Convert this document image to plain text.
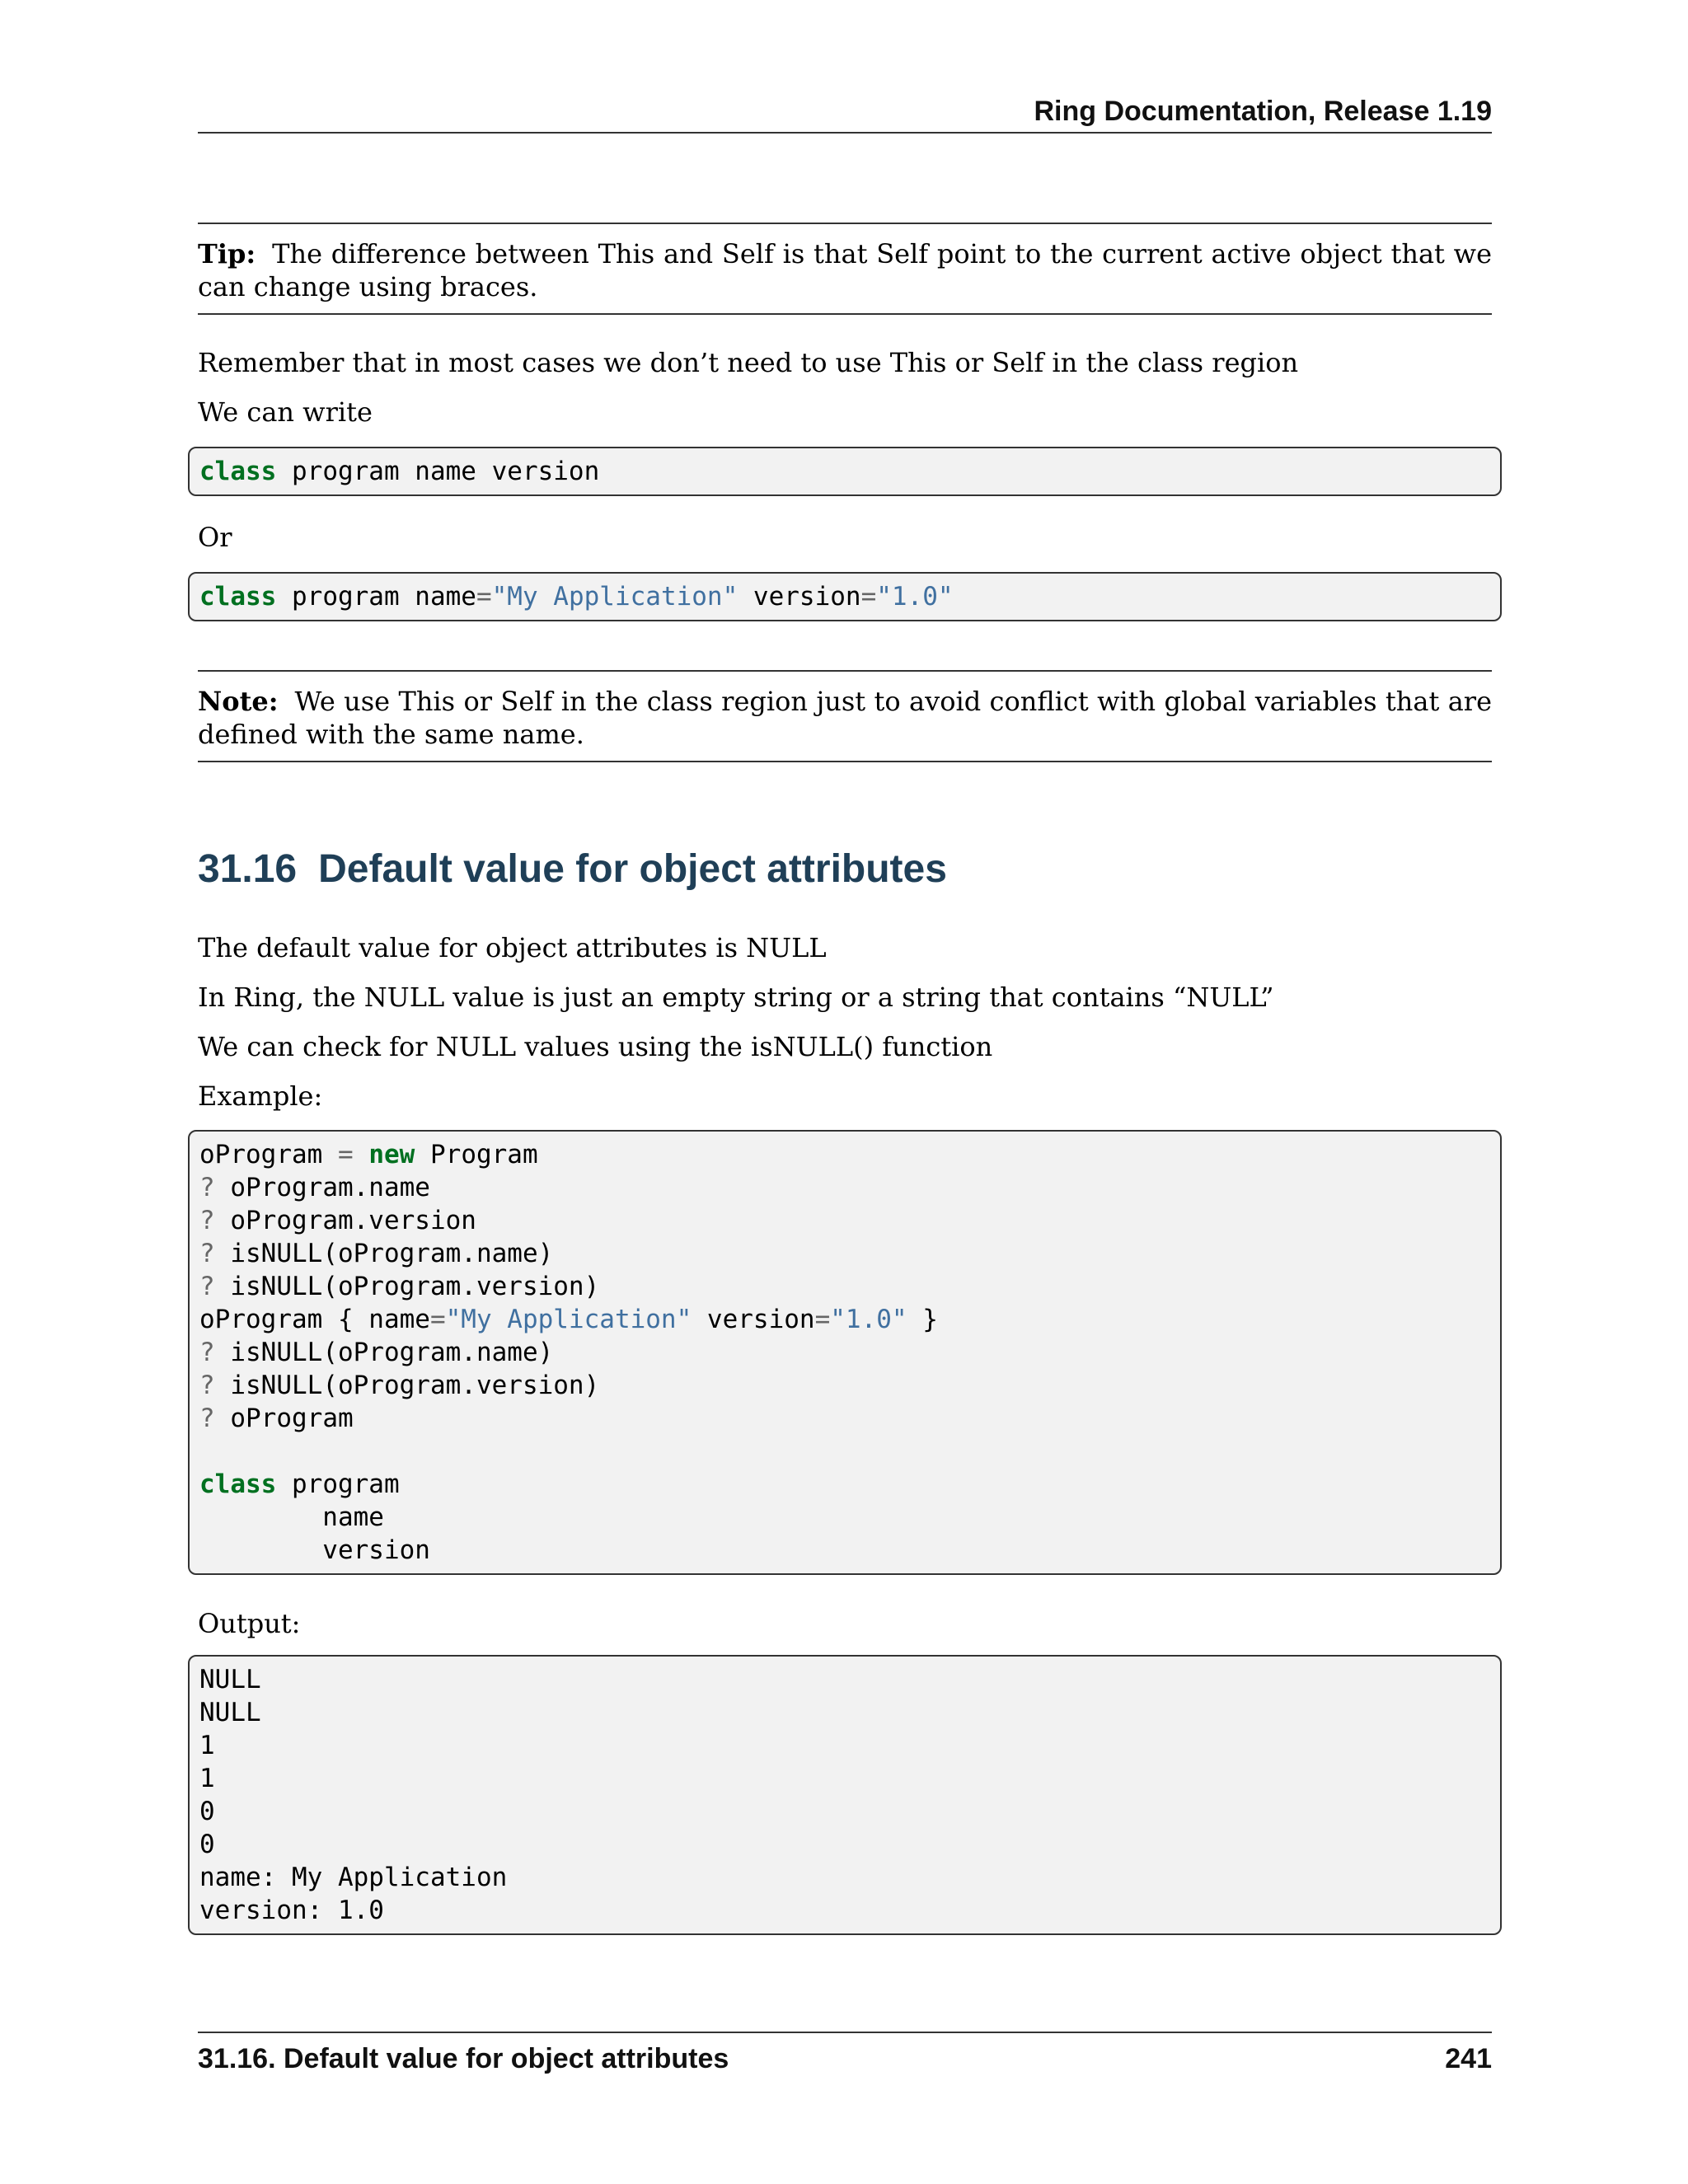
Ring Documentation, Release 1.19
Tip: The difference between This and Self is that Self point to the current active object that we can change using braces.
Remember that in most cases we don’t need to use This or Self in the class region
We can write
class program name version
Or
class program name="My Application" version="1.0"
Note: We use This or Self in the class region just to avoid conflict with global variables that are defined with the same name.
31.16 Default value for object attributes
The default value for object attributes is NULL
In Ring, the NULL value is just an empty string or a string that contains “NULL”
We can check for NULL values using the isNULL() function
Example:
oProgram = new Program
? oProgram.name
? oProgram.version
? isNULL(oProgram.name)
? isNULL(oProgram.version)
oProgram { name="My Application" version="1.0" }
? isNULL(oProgram.name)
? isNULL(oProgram.version)
? oProgram
class program
name
version
Output:
NULL
NULL
1
1
0
0
name: My Application
version: 1.0
31.16. Default value for object attributes	241
